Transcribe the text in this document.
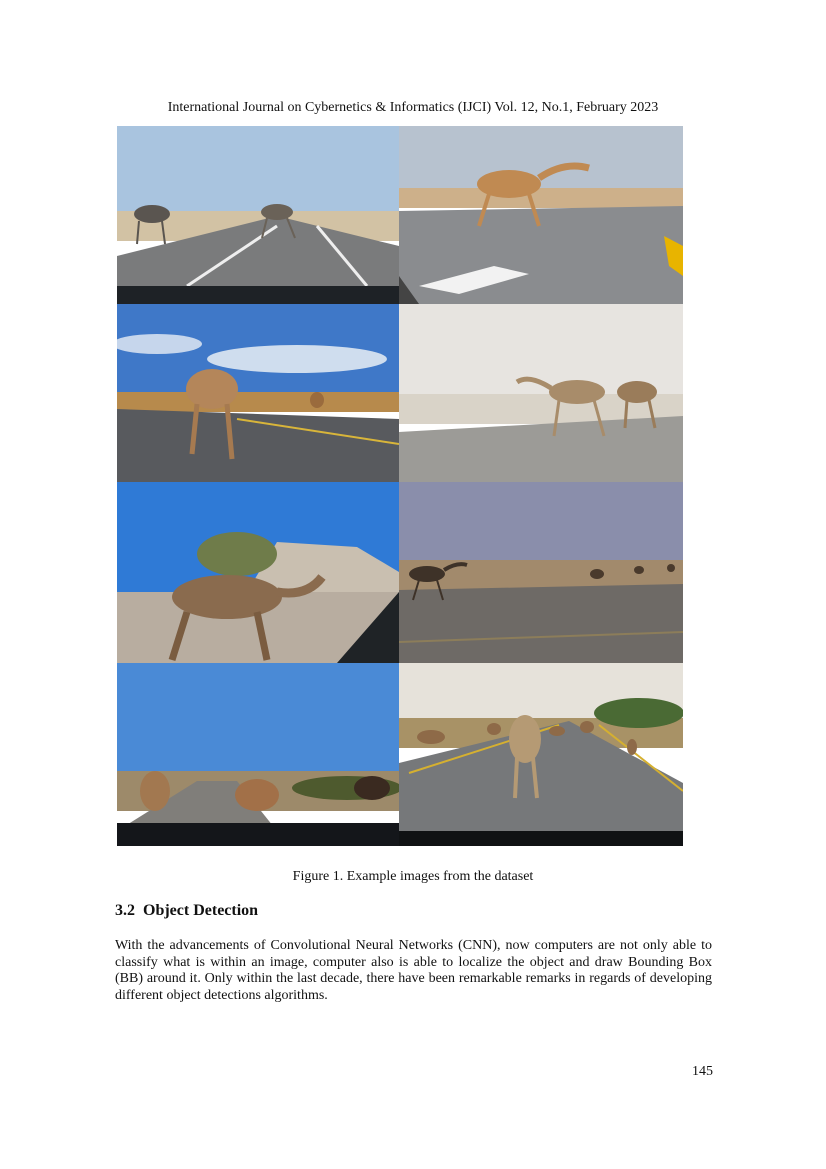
International Journal on Cybernetics & Informatics (IJCI) Vol. 12, No.1, February 2023
Figure 1. Example images from the dataset
3.2 Object Detection
With the advancements of Convolutional Neural Networks (CNN), now computers are not only able to classify what is within an image, computer also is able to localize the object and draw Bounding Box (BB) around it. Only within the last decade, there have been remarkable remarks in regards of developing different object detections algorithms.
145
